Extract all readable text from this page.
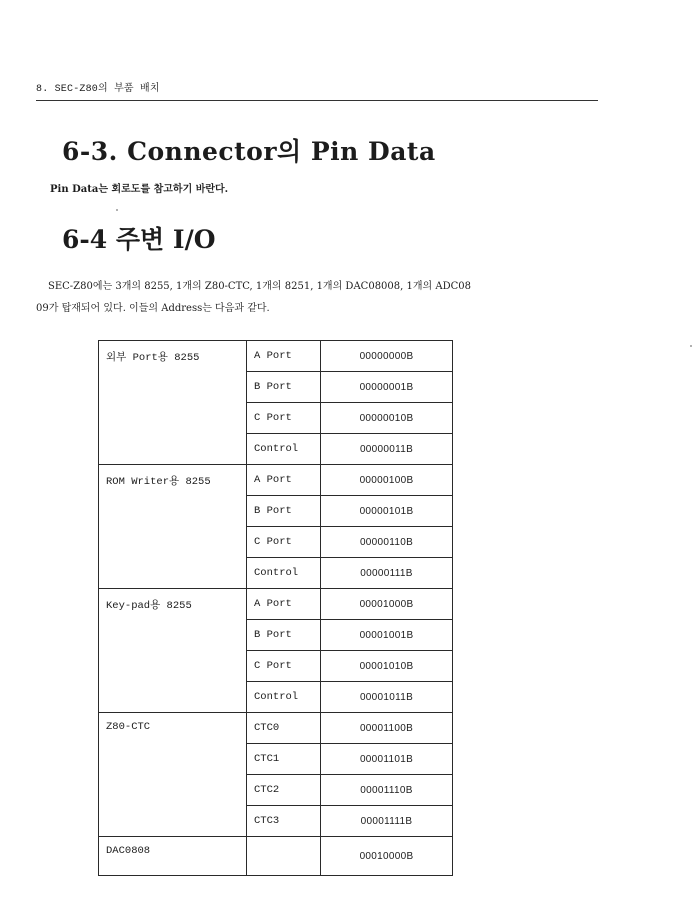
8. SEC-Z80의 부품 배치
6-3. Connector의 Pin Data
Pin Data는 회로도를 참고하기 바란다.
6-4 주변 I/O
SEC-Z80에는 3개의 8255, 1개의 Z80-CTC, 1개의 8251, 1개의 DAC08008, 1개의 ADC08
09가 탑재되어 있다. 이들의 Address는 다음과 같다.
외부 Port용 8255	A Port	00000000B
	B Port	00000001B
	C Port	00000010B
	Control	00000011B
ROM Writer용 8255	A Port	00000100B
	B Port	00000101B
	C Port	00000110B
	Control	00000111B
Key-pad용 8255	A Port	00001000B
	B Port	00001001B
	C Port	00001010B
	Control	00001011B
Z80-CTC	CTC0	00001100B
	CTC1	00001101B
	CTC2	00001110B
	CTC3	00001111B
DAC0808		00010000B
